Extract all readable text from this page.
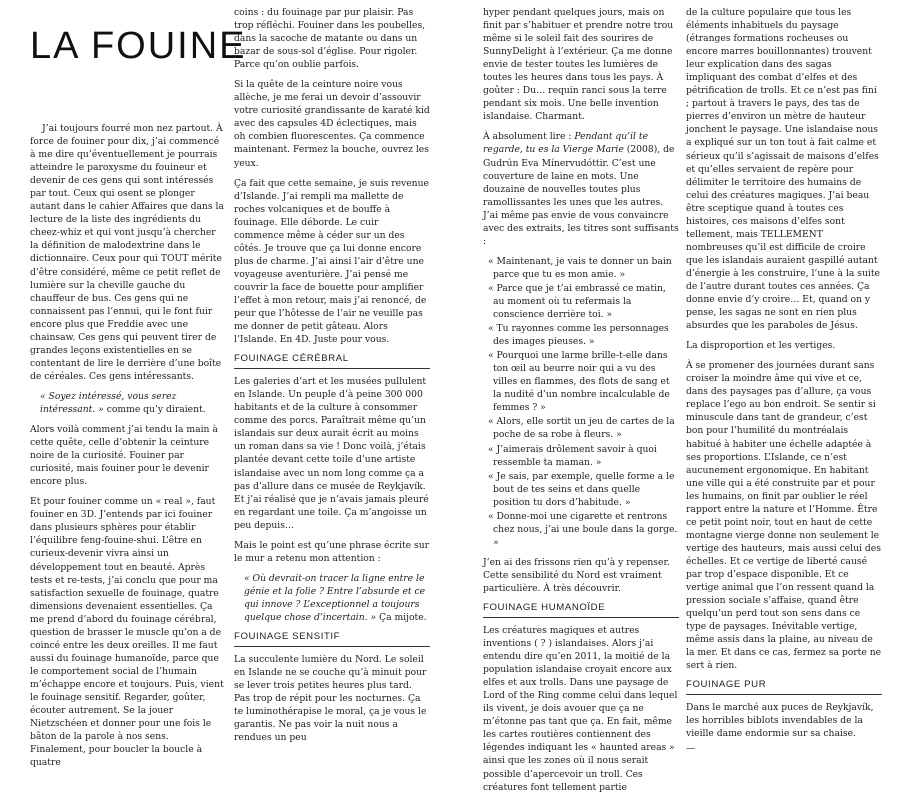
LA FOUINE

J’ai toujours fourré mon nez partout. À force de fouiner pour dix, j’ai commencé à me dire qu’éventuellement je pourrais atteindre le paroxysme du fouineur et devenir de ces gens qui sont intéressés par tout. Ceux qui osent se plonger autant dans le cahier Affaires que dans la lecture de la liste des ingrédients du cheez-whiz et qui vont jusqu’à chercher la définition de malodextrine dans le dictionnaire. Ceux pour qui TOUT mérite d’être considéré, même ce petit reflet de lumière sur la cheville gauche du chauffeur de bus. Ces gens qui ne connaissent pas l’ennui, qui le font fuir encore plus que Freddie avec une chainsaw. Ces gens qui peuvent tirer de grandes leçons existentielles en se contentant de lire le derrière d’une boîte de céréales. Ces gens intéressants.

« Soyez intéressé, vous serez intéressant. » comme qu’y diraient.

Alors voilà comment j’ai tendu la main à cette quête, celle d’obtenir la ceinture noire de la curiosité. Fouiner par curiosité, mais fouiner pour le devenir encore plus.

Et pour fouiner comme un « real », faut fouiner en 3D. J’entends par ici fouiner dans plusieurs sphères pour établir l’équilibre feng-fouine-shui. L’être en curieux-devenir vivra ainsi un développement tout en beauté. Après tests et re-tests, j’ai conclu que pour ma satisfaction sexuelle de fouinage, quatre dimensions devenaient essentielles. Ça me prend d’abord du fouinage cérébral, question de brasser le muscle qu’on a de coincé entre les deux oreilles. Il me faut aussi du fouinage humanoïde, parce que le comportement social de l’humain m’échappe encore et toujours. Puis, vient le fouinage sensitif. Regarder, goûter, écouter autrement. Se la jouer Nietzschéen et donner pour une fois le bâton de la parole à nos sens. Finalement, pour boucler la boucle à quatre

coins : du fouinage par pur plaisir. Pas trop réfléchi. Fouiner dans les poubelles, dans la sacoche de matante ou dans un bazar de sous-sol d’église. Pour rigoler. Parce qu’on oublie parfois.

Si la quête de la ceinture noire vous allèche, je me ferai un devoir d’assouvir votre curiosité grandissante de karaté kid avec des capsules 4D éclectiques, mais oh combien fluorescentes. Ça commence maintenant. Fermez la bouche, ouvrez les yeux.

Ça fait que cette semaine, je suis revenue d’Islande. J’ai rempli ma mallette de roches volcaniques et de bouffe à fouinage. Elle déborde. Le cuir commence même à céder sur un des côtés. Je trouve que ça lui donne encore plus de charme. J’ai ainsi l’air d’être une voyageuse aventurière. J’ai pensé me couvrir la face de bouette pour amplifier l’effet à mon retour, mais j’ai renoncé, de peur que l’hôtesse de l’air ne veuille pas me donner de petit gâteau. Alors l’Islande. En 4D. Juste pour vous.

FOUINAGE CÉRÉBRAL

Les galeries d’art et les musées pullulent en Islande. Un peuple d’à peine 300 000 habitants et de la culture à consommer comme des porcs. Paraîtrait même qu’un islandais sur deux aurait écrit au moins un roman dans sa vie ! Donc voilà, j’étais plantée devant cette toile d’une artiste islandaise avec un nom long comme ça a pas d’allure dans ce musée de Reykjavík. Et j’ai réalisé que je n’avais jamais pleuré en regardant une toile. Ça m’angoisse un peu depuis…

Mais le point est qu’une phrase écrite sur le mur a retenu mon attention :

« Où devrait-on tracer la ligne entre le génie et la folie ? Entre l’absurde et ce qui innove ? L’exceptionnel a toujours quelque chose d’incertain. » Ça mijote.

FOUINAGE SENSITIF

La succulente lumière du Nord. Le soleil en Islande ne se couche qu’à minuit pour se lever trois petites heures plus tard. Pas trop de répit pour les nocturnes. Ça te luminothérapise le moral, ça je vous le garantis. Ne pas voir la nuit nous a rendues un peu

hyper pendant quelques jours, mais on finit par s’habituer et prendre notre trou même si le soleil fait des sourires de SunnyDelight à l’extérieur. Ça me donne envie de tester toutes les lumières de toutes les heures dans tous les pays. À goûter : Du… requin ranci sous la terre pendant six mois. Une belle invention islandaise. Charmant.

À absolument lire : Pendant qu’il te regarde, tu es la Vierge Marie (2008), de Gudrún Eva Mínervudóttir. C’est une couverture de laine en mots. Une douzaine de nouvelles toutes plus ramollissantes les unes que les autres. J’ai même pas envie de vous convaincre avec des extraits, les titres sont suffisants :

« Maintenant, je vais te donner un bain parce que tu es mon amie. »

« Parce que je t’ai embrassé ce matin, au moment où tu refermais la conscience derrière toi. »

« Tu rayonnes comme les personnages des images pieuses. »

« Pourquoi une larme brille-t-elle dans ton œil au beurre noir qui a vu des villes en flammes, des flots de sang et la nudité d’un nombre incalculable de femmes ? »

« Alors, elle sortit un jeu de cartes de la poche de sa robe à fleurs. »

« J’aimerais drôlement savoir à quoi ressemble ta maman. »

« Je sais, par exemple, quelle forme a le bout de tes seins et dans quelle position tu dors d’habitude. »

« Donne-moi une cigarette et rentrons chez nous, j’ai une boule dans la gorge. »

J’en ai des frissons rien qu’à y repenser. Cette sensibilité du Nord est vraiment particulière. À très découvrir.

FOUINAGE HUMANOÏDE

Les créatures magiques et autres inventions ( ? ) islandaises. Alors j’ai entendu dire qu’en 2011, la moitié de la population islandaise croyait encore aux elfes et aux trolls. Dans une paysage de Lord of the Ring comme celui dans lequel ils vivent, je dois avouer que ça ne m’étonne pas tant que ça. En fait, même les cartes routières contiennent des légendes indiquant les « haunted areas » ainsi que les zones où il nous serait possible d’apercevoir un troll. Ces créatures font tellement partie

de la culture populaire que tous les éléments inhabituels du paysage (étranges formations rocheuses ou encore marres bouillonnantes) trouvent leur explication dans des sagas impliquant des combat d’elfes et des pétrification de trolls. Et ce n’est pas fini ; partout à travers le pays, des tas de pierres d’environ un mètre de hauteur jonchent le paysage. Une islandaise nous a expliqué sur un ton tout à fait calme et sérieux qu’il s’agissait de maisons d’elfes et qu’elles servaient de repère pour délimiter le territoire des humains de celui des créatures magiques. J’ai beau être sceptique quand à toutes ces histoires, ces maisons d’elfes sont tellement, mais TELLEMENT nombreuses qu’il est difficile de croire que les islandais auraient gaspillé autant d’énergie à les construire, l’une à la suite de l’autre durant toutes ces années. Ça donne envie d’y croire… Et, quand on y pense, les sagas ne sont en rien plus absurdes que les paraboles de Jésus.

La disproportion et les vertiges.

À se promener des journées durant sans croiser la moindre âme qui vive et ce, dans des paysages pas d’allure, ça vous replace l’ego au bon endroit. Se sentir si minuscule dans tant de grandeur, c’est bon pour l’humilité du montréalais habitué à habiter une échelle adaptée à ses proportions. L’Islande, ce n’est aucunement ergonomique. En habitant une ville qui a été construite par et pour les humains, on finit par oublier le réel rapport entre la nature et l’Homme. Être ce petit point noir, tout en haut de cette montagne vierge donne non seulement le vertige des hauteurs, mais aussi celui des échelles. Et ce vertige de liberté causé par trop d’espace disponible. Et ce vertige animal que l’on ressent quand la pression sociale s’affaise, quand être quelqu’un perd tout son sens dans ce type de paysages. Inévitable vertige, même assis dans la plaine, au niveau de la mer. Et dans ce cas, fermez sa porte ne sert à rien.

FOUINAGE PUR

Dans le marché aux puces de Reykjavík, les horribles biblots invendables de la vieille dame endormie sur sa chaise.

—
